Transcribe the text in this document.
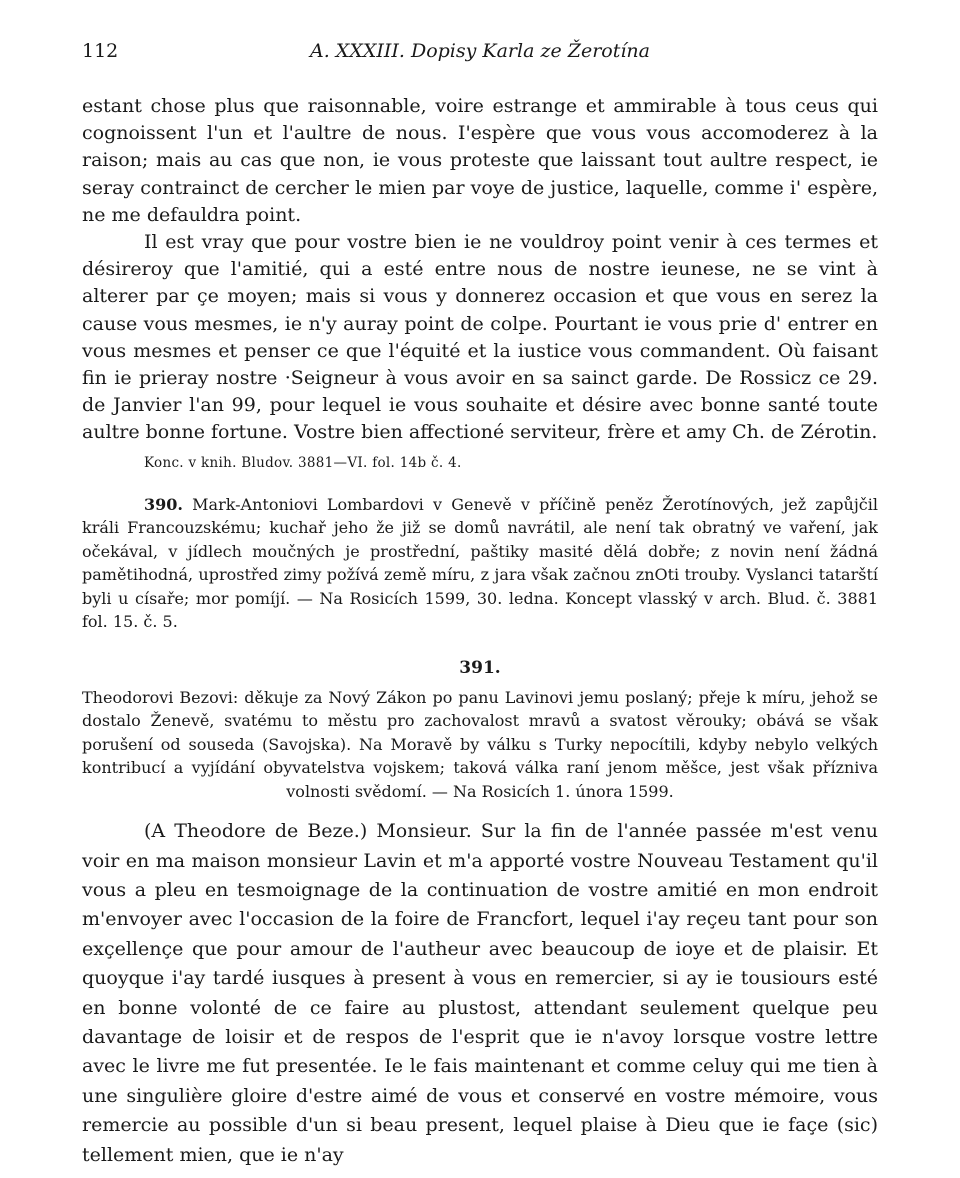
112	A. XXXIII. Dopisy Karla ze Žerotína

estant chose plus que raisonnable, voire estrange et ammirable à tous ceus qui cognoissent l'un et l'aultre de nous. I'espère que vous vous accomoderez à la raison; mais au cas que non, ie vous proteste que laissant tout aultre respect, ie seray contrainct de cercher le mien par voye de justice, laquelle, comme i' espère, ne me defauldra point.

Il est vray que pour vostre bien ie ne vouldroy point venir à ces termes et désireroy que l'amitié, qui a esté entre nous de nostre ieunese, ne se vint à alterer par çe moyen; mais si vous y donnerez occasion et que vous en serez la cause vous mesmes, ie n'y auray point de colpe. Pourtant ie vous prie d' entrer en vous mesmes et penser ce que l'équité et la iustice vous commandent. Où faisant fin ie prieray nostre ·Seigneur à vous avoir en sa sainct garde. De Rossicz ce 29. de Janvier l'an 99, pour lequel ie vous souhaite et désire avec bonne santé toute aultre bonne fortune. Vostre bien affectioné serviteur, frère et amy Ch. de Zérotin.

Konc. v knih. Bludov. 3881—VI. fol. 14b č. 4.

390. Mark-Antoniovi Lombardovi v Genevě v příčině peněz Žerotínových, jež zapůjčil králi Francouzskému; kuchař jeho že již se domů navrátil, ale není tak obratný ve vaření, jak očekával, v jídlech moučných je prostřední, paštiky masité dělá dobře; z novin není žádná pamětihodná, uprostřed zimy požívá země míru, z jara však začnou znOti trouby. Vyslanci tatarští byli u císaře; mor pomíjí. — Na Rosicích 1599, 30. ledna. Koncept vlasský v arch. Blud. č. 3881 fol. 15. č. 5.

391.

Theodorovi Bezovi: děkuje za Nový Zákon po panu Lavinovi jemu poslaný; přeje k míru, jehož se dostalo Ženevě, svatému to městu pro zachovalost mravů a svatost věrouky; obává se však porušení od souseda (Savojska). Na Moravě by válku s Turky nepocítili, kdyby nebylo velkých kontribucí a vyjídání obyvatelstva vojskem; taková válka raní jenom měšce, jest však přízniva volnosti svědomí. — Na Rosicích 1. února 1599.

(A Theodore de Beze.) Monsieur. Sur la fin de l'année passée m'est venu voir en ma maison monsieur Lavin et m'a apporté vostre Nouveau Testament qu'il vous a pleu en tesmoignage de la continuation de vostre amitié en mon endroit m'envoyer avec l'occasion de la foire de Francfort, lequel i'ay reçeu tant pour son exçellençe que pour amour de l'autheur avec beaucoup de ioye et de plaisir. Et quoyque i'ay tardé iusques à present à vous en remercier, si ay ie tousiours esté en bonne volonté de ce faire au plustost, attendant seulement quelque peu davantage de loisir et de respos de l'esprit que ie n'avoy lorsque vostre lettre avec le livre me fut presentée. Ie le fais maintenant et comme celuy qui me tien à une singulière gloire d'estre aimé de vous et conservé en vostre mémoire, vous remercie au possible d'un si beau present, lequel plaise à Dieu que ie façe (sic) tellement mien, que ie n'ay
